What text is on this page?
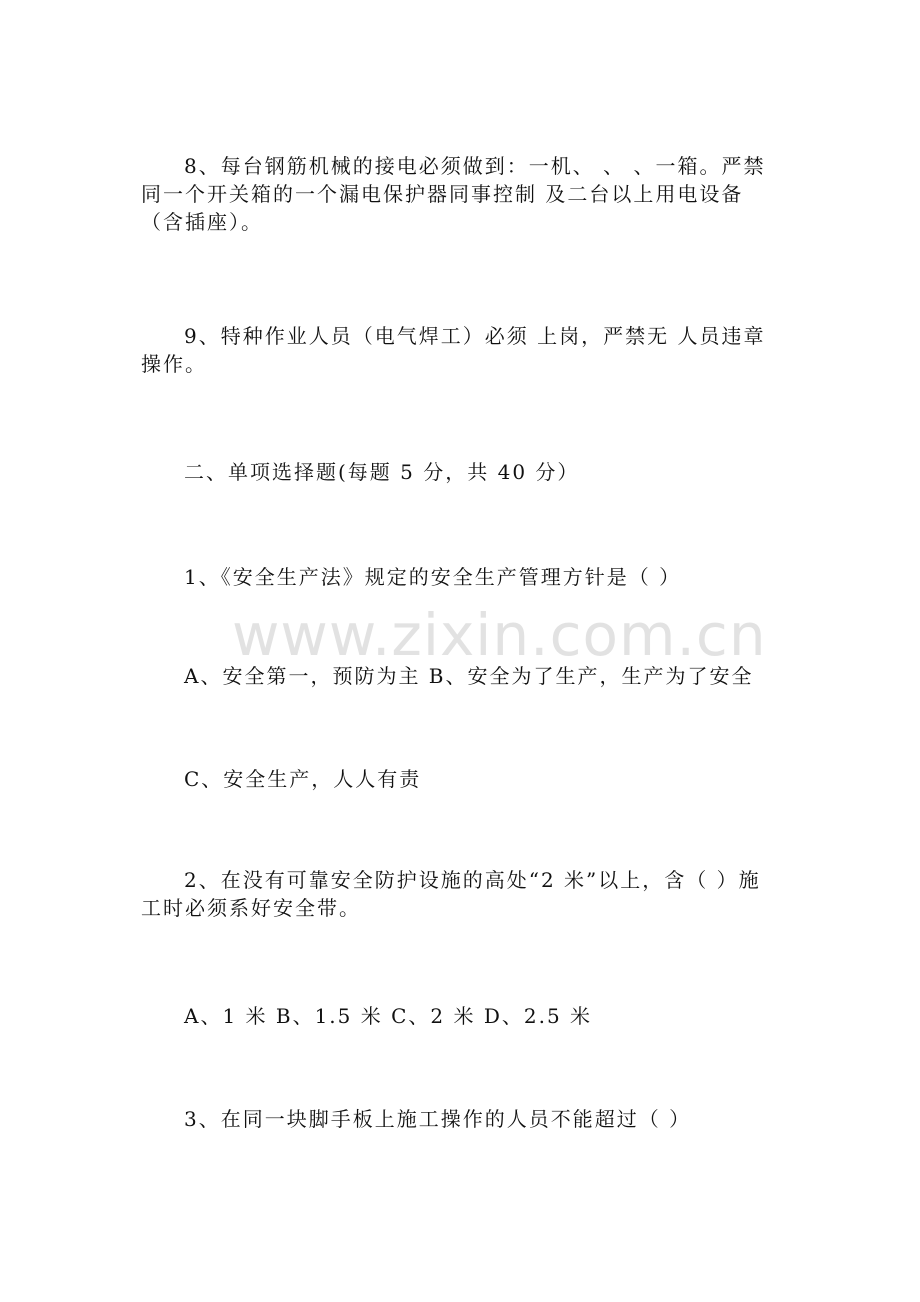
8、每台钢筋机械的接电必须做到：一机、 、 、一箱。严禁同一个开关箱的一个漏电保护器同事控制 及二台以上用电设备（含插座）。

9、特种作业人员（电气焊工）必须 上岗，严禁无 人员违章操作。

二、单项选择题(每题 5 分，共 40 分）

1、《安全生产法》规定的安全生产管理方针是（ ）

A、安全第一，预防为主 B、安全为了生产，生产为了安全

C、安全生产，人人有责

2、在没有可靠安全防护设施的高处“2 米”以上，含（ ）施工时必须系好安全带。

A、1 米 B、1.5 米 C、2 米 D、2.5 米

3、在同一块脚手板上施工操作的人员不能超过（ ）

www.zixin.com.cn
